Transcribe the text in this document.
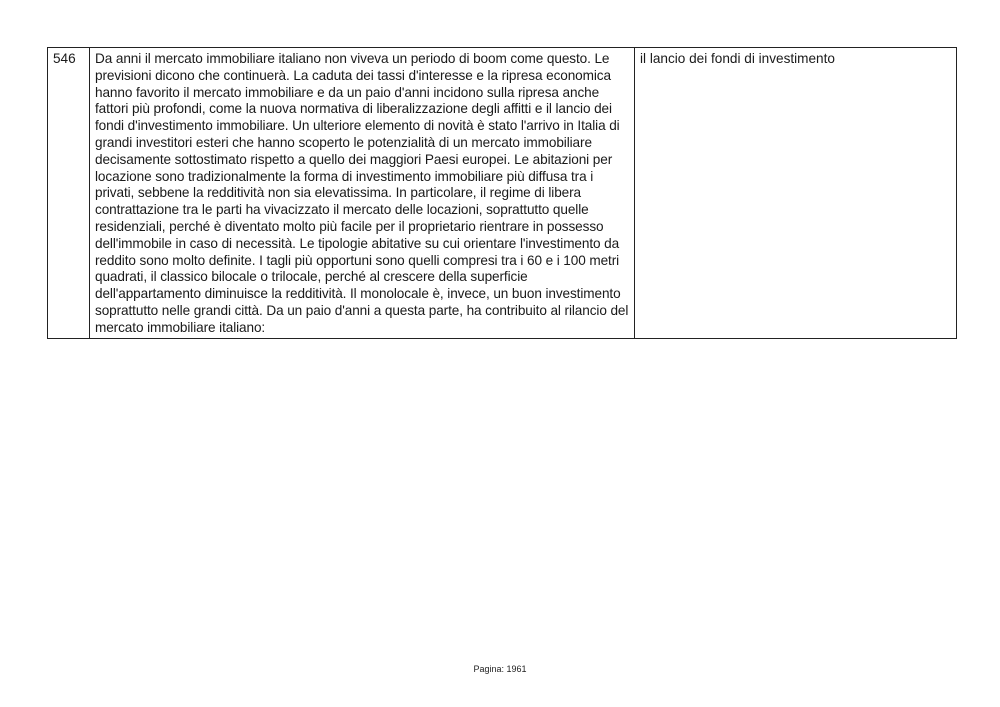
546	Da anni il mercato immobiliare italiano non viveva un periodo di boom come questo. Le previsioni dicono che continuerà. La caduta dei tassi d'interesse e la ripresa economica hanno favorito il mercato immobiliare e da un paio d'anni incidono sulla ripresa anche fattori più profondi, come la nuova normativa di liberalizzazione degli affitti e il lancio dei fondi d'investimento immobiliare. Un ulteriore elemento di novità è stato l'arrivo in Italia di grandi investitori esteri che hanno scoperto le potenzialità di un mercato immobiliare decisamente sottostimato rispetto a quello dei maggiori Paesi europei. Le abitazioni per locazione sono tradizionalmente la forma di investimento immobiliare più diffusa tra i privati, sebbene la redditività non sia elevatissima. In particolare, il regime di libera contrattazione tra le parti ha vivacizzato il mercato delle locazioni, soprattutto quelle residenziali, perché è diventato molto più facile per il proprietario rientrare in possesso dell'immobile in caso di necessità. Le tipologie abitative su cui orientare l'investimento da reddito sono molto definite. I tagli più opportuni sono quelli compresi tra i 60 e i 100 metri quadrati, il classico bilocale o trilocale, perché al crescere della superficie dell'appartamento diminuisce la redditività. Il monolocale è, invece, un buon investimento soprattutto nelle grandi città. Da un paio d'anni a questa parte, ha contribuito al rilancio del mercato immobiliare italiano:	il lancio dei fondi di investimento
Pagina: 1961
